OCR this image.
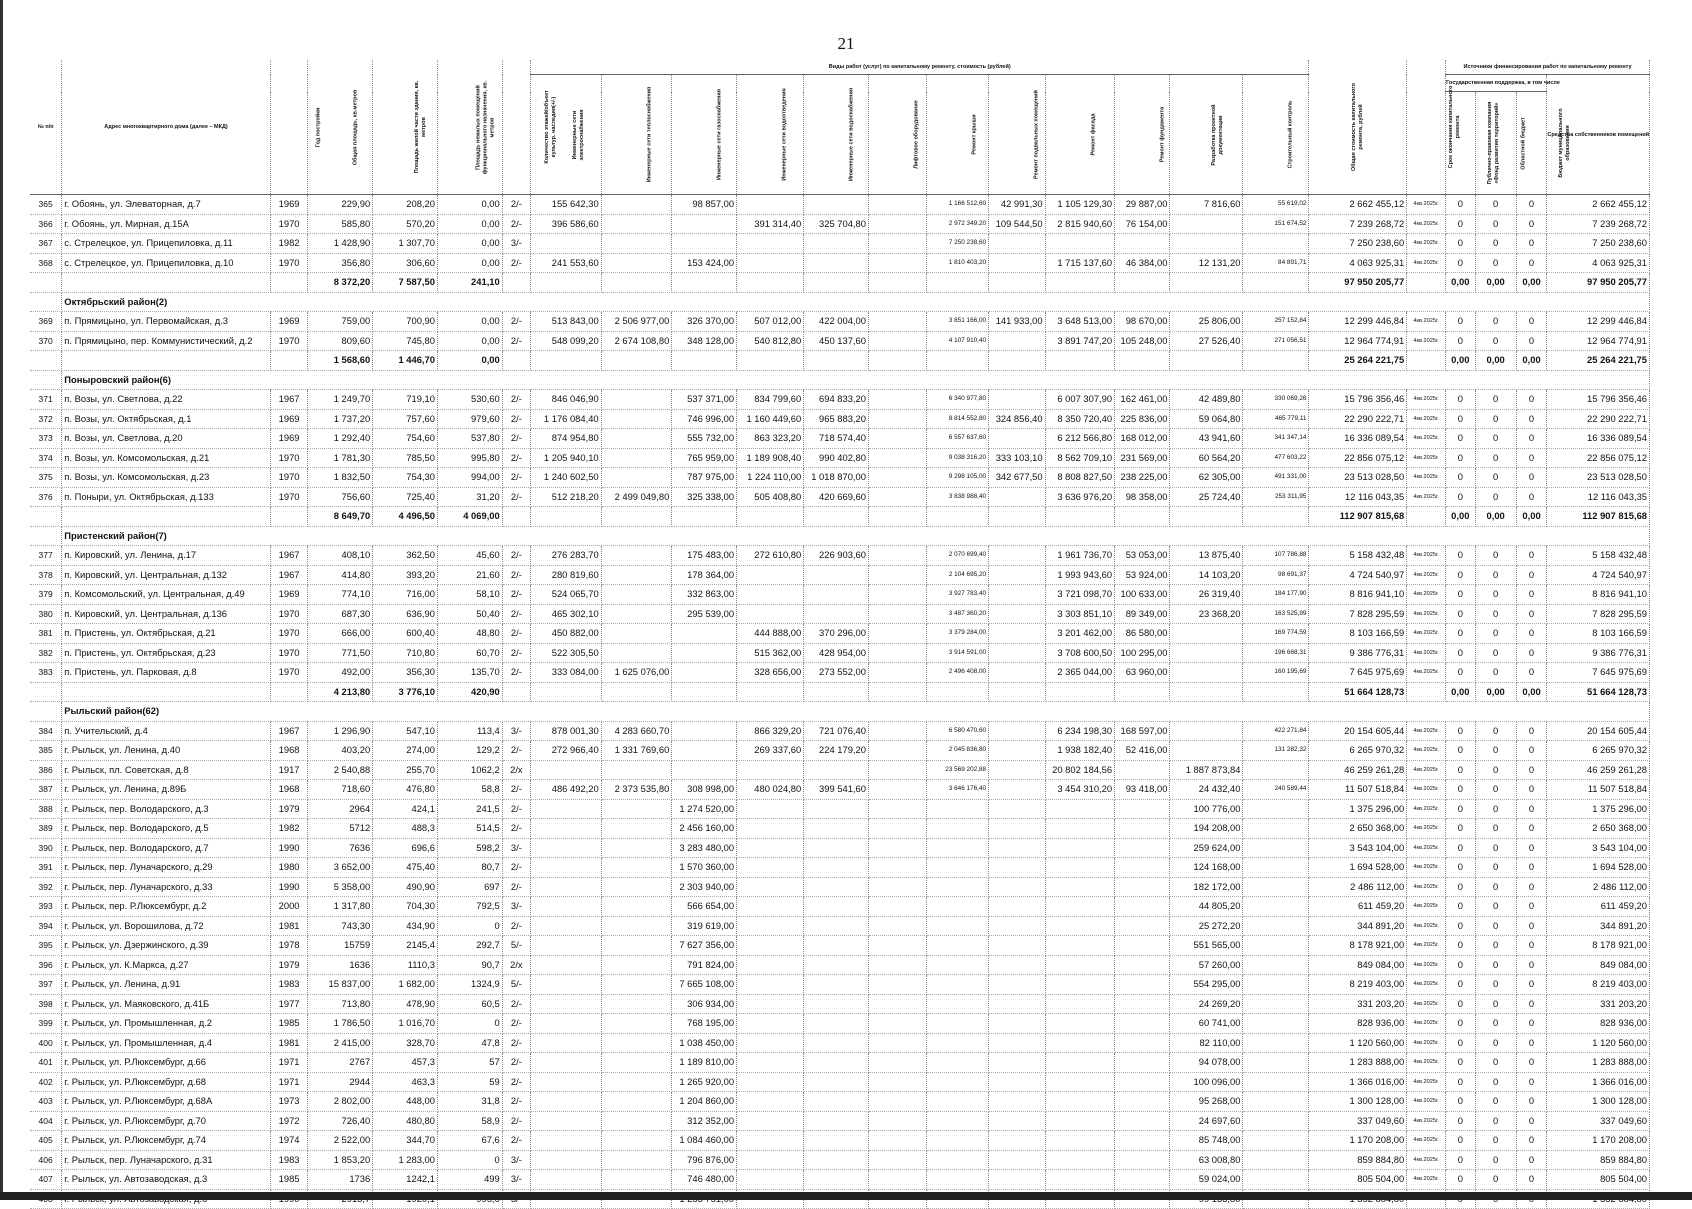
21
№ п/п	Адрес многоквартирного дома (далее – МКД)	Год постройки	Общая площадь, кв.метров	Площадь жилой части здания, кв. метров	Площадь нежилых помещений функционального назначения, кв. метров	Количество этажей/объект культур. наследия(+/-)	Виды работ (услуг) по капитальному ремонту, стоимость (рублей)												Общая стоимость капитального ремонта, рублей	Срок окончания капитального ремонта	Источники финансирования работ по капитальному ремонту			
							Инженерные сети электроснабжения	Инженерные сети теплоснабжения	Инженерные сети газоснабжения	Инженерные сети водоотведения	Инженерные сети водоснабжения	Лифтовое оборудование	Ремонт крыши	Ремонт подвальных помещений	Ремонт фасада	Ремонт фундамента	Разработка проектной документации	Строительный контроль			Государственная поддержка, в том числе			Средства собственников помещений
																					Публично-правовая компания «Фонд развития территорий»	Областной бюджет	Бюджет муниципального образования	
365	г. Обоянь, ул. Элеваторная, д.7	1969	229,90	208,20	0,00	2/-	155 642,30		98 857,00				1 166 512,60	42 991,30	1 105 129,30	29 887,00	7 816,60	55 619,02	2 662 455,12	4кв.2025г.	0	0	0	2 662 455,12
366	г. Обоянь, ул. Мирная, д.15А	1970	585,80	570,20	0,00	2/-	396 586,60			391 314,40	325 704,80		2 972 349,20	109 544,50	2 815 940,60	76 154,00		151 674,52	7 239 268,72	4кв.2025г.	0	0	0	7 239 268,72
367	с. Стрелецкое, ул. Прицепиловка, д.11	1982	1 428,90	1 307,70	0,00	3/-							7 250 238,60						7 250 238,60	4кв.2025г.	0	0	0	7 250 238,60
368	с. Стрелецкое, ул. Прицепиловка, д.10	1970	356,80	306,60	0,00	2/-	241 553,60		153 424,00				1 810 403,20		1 715 137,60	46 384,00	12 131,20	84 891,71	4 063 925,31	4кв.2025г.	0	0	0	4 063 925,31
			8 372,20	7 587,50	241,10														97 950 205,77		0,00	0,00	0,00	97 950 205,77
	Октябрьский район(2)																							
369	п. Прямицыно, ул. Первомайская, д.3	1969	759,00	700,90	0,00	2/-	513 843,00	2 506 977,00	326 370,00	507 012,00	422 004,00		3 851 166,00	141 933,00	3 648 513,00	98 670,00	25 806,00	257 152,84	12 299 446,84	4кв.2025г.	0	0	0	12 299 446,84
370	п. Прямицыно, пер. Коммунистический, д.2	1970	809,60	745,80	0,00	2/-	548 099,20	2 674 108,80	348 128,00	540 812,80	450 137,60		4 107 910,40		3 891 747,20	105 248,00	27 526,40	271 056,51	12 964 774,91	4кв.2025г.	0	0	0	12 964 774,91
			1 568,60	1 446,70	0,00														25 264 221,75		0,00	0,00	0,00	25 264 221,75
	Поныровский район(6)																							
371	п. Возы, ул. Светлова, д.22	1967	1 249,70	719,10	530,60	2/-	846 046,90		537 371,00	834 799,60	694 833,20		6 340 977,80		6 007 307,90	162 461,00	42 489,80	330 069,26	15 796 356,46	4кв.2025г.	0	0	0	15 796 356,46
372	п. Возы, ул. Октябрьская, д.1	1969	1 737,20	757,60	979,60	2/-	1 176 084,40		746 996,00	1 160 449,60	965 883,20		8 814 552,80	324 856,40	8 350 720,40	225 836,00	59 064,80	465 779,11	22 290 222,71	4кв.2025г.	0	0	0	22 290 222,71
373	п. Возы, ул. Светлова, д.20	1969	1 292,40	754,60	537,80	2/-	874 954,80		555 732,00	863 323,20	718 574,40		6 557 637,60		6 212 566,80	168 012,00	43 941,60	341 347,14	16 336 089,54	4кв.2025г.	0	0	0	16 336 089,54
374	п. Возы, ул. Комсомольская, д.21	1970	1 781,30	785,50	995,80	2/-	1 205 940,10		765 959,00	1 189 908,40	990 402,80		9 038 316,20	333 103,10	8 562 709,10	231 569,00	60 564,20	477 603,22	22 856 075,12	4кв.2025г.	0	0	0	22 856 075,12
375	п. Возы, ул. Комсомольская, д.23	1970	1 832,50	754,30	994,00	2/-	1 240 602,50		787 975,00	1 224 110,00	1 018 870,00		9 298 105,00	342 677,50	8 808 827,50	238 225,00	62 305,00	491 331,00	23 513 028,50	4кв.2025г.	0	0	0	23 513 028,50
376	п. Поныри, ул. Октябрьская, д.133	1970	756,60	725,40	31,20	2/-	512 218,20	2 499 049,80	325 338,00	505 408,80	420 669,60		3 838 988,40		3 636 976,20	98 358,00	25 724,40	253 311,95	12 116 043,35	4кв.2025г.	0	0	0	12 116 043,35
			8 649,70	4 496,50	4 069,00														112 907 815,68		0,00	0,00	0,00	112 907 815,68
	Пристенский район(7)																							
377	п. Кировский, ул. Ленина, д.17	1967	408,10	362,50	45,60	2/-	276 283,70		175 483,00	272 610,80	226 903,60		2 070 699,40		1 961 736,70	53 053,00	13 875,40	107 786,88	5 158 432,48	4кв.2025г.	0	0	0	5 158 432,48
378	п. Кировский, ул. Центральная, д.132	1967	414,80	393,20	21,60	2/-	280 819,60		178 364,00				2 104 695,20		1 993 943,60	53 924,00	14 103,20	98 691,37	4 724 540,97	4кв.2025г.	0	0	0	4 724 540,97
379	п. Комсомольский, ул. Центральная, д.49	1969	774,10	716,00	58,10	2/-	524 065,70		332 863,00				3 927 783,40		3 721 098,70	100 633,00	26 319,40	184 177,90	8 816 941,10	4кв.2025г.	0	0	0	8 816 941,10
380	п. Кировский, ул. Центральная, д.136	1970	687,30	636,90	50,40	2/-	465 302,10		295 539,00				3 487 360,20		3 303 851,10	89 349,00	23 368,20	163 525,99	7 828 295,59	4кв.2025г.	0	0	0	7 828 295,59
381	п. Пристень, ул. Октябрьская, д.21	1970	666,00	600,40	48,80	2/-	450 882,00			444 888,00	370 296,00		3 379 284,00		3 201 462,00	86 580,00		169 774,59	8 103 166,59	4кв.2025г.	0	0	0	8 103 166,59
382	п. Пристень, ул. Октябрьская, д.23	1970	771,50	710,80	60,70	2/-	522 305,50			515 362,00	428 954,00		3 914 591,00		3 708 600,50	100 295,00		196 668,31	9 386 776,31	4кв.2025г.	0	0	0	9 386 776,31
383	п. Пристень, ул. Парковая, д.8	1970	492,00	356,30	135,70	2/-	333 084,00	1 625 076,00		328 656,00	273 552,00		2 496 408,00		2 365 044,00	63 960,00		160 195,69	7 645 975,69	4кв.2025г.	0	0	0	7 645 975,69
			4 213,80	3 776,10	420,90														51 664 128,73		0,00	0,00	0,00	51 664 128,73
	Рыльский район(62)																							
384	п. Учительский, д.4	1967	1 296,90	547,10	113,4	3/-	878 001,30	4 283 660,70		866 329,20	721 076,40		6 580 470,60		6 234 198,30	168 597,00		422 271,84	20 154 605,44	4кв.2025г.	0	0	0	20 154 605,44
385	г. Рыльск, ул. Ленина, д.40	1968	403,20	274,00	129,2	2/-	272 966,40	1 331 769,60		269 337,60	224 179,20		2 045 836,80		1 938 182,40	52 416,00		131 282,32	6 265 970,32	4кв.2025г.	0	0	0	6 265 970,32
386	г. Рыльск, пл. Советская, д.8	1917	2 540,88	255,70	1062,2	2/х							23 569 202,88		20 802 184,56		1 887 873,84		46 259 261,28	4кв.2025г.	0	0	0	46 259 261,28
387	г. Рыльск, ул. Ленина, д.89Б	1968	718,60	476,80	58,8	2/-	486 492,20	2 373 535,80	308 998,00	480 024,80	399 541,60		3 646 176,40		3 454 310,20	93 418,00	24 432,40	240 589,44	11 507 518,84	4кв.2025г.	0	0	0	11 507 518,84
388	г. Рыльск, пер. Володарского, д.3	1979	2964	424,1	241,5	2/-			1 274 520,00								100 776,00		1 375 296,00	4кв.2025г.	0	0	0	1 375 296,00
389	г. Рыльск, пер. Володарского, д.5	1982	5712	488,3	514,5	2/-			2 456 160,00								194 208,00		2 650 368,00	4кв.2025г.	0	0	0	2 650 368,00
390	г. Рыльск, пер. Володарского, д.7	1990	7636	696,6	598,2	3/-			3 283 480,00								259 624,00		3 543 104,00	4кв.2025г.	0	0	0	3 543 104,00
391	г. Рыльск, пер. Луначарского, д.29	1980	3 652,00	475,40	80,7	2/-			1 570 360,00								124 168,00		1 694 528,00	4кв.2025г.	0	0	0	1 694 528,00
392	г. Рыльск, пер. Луначарского, д.33	1990	5 358,00	490,90	697	2/-			2 303 940,00								182 172,00		2 486 112,00	4кв.2025г.	0	0	0	2 486 112,00
393	г. Рыльск, пер. Р.Люксембург, д.2	2000	1 317,80	704,30	792,5	3/-			566 654,00								44 805,20		611 459,20	4кв.2025г.	0	0	0	611 459,20
394	г. Рыльск, ул. Ворошилова, д.72	1981	743,30	434,90	0	2/-			319 619,00								25 272,20		344 891,20	4кв.2025г.	0	0	0	344 891,20
395	г. Рыльск, ул. Дзержинского, д.39	1978	15759	2145,4	292,7	5/-			7 627 356,00								551 565,00		8 178 921,00	4кв.2025г.	0	0	0	8 178 921,00
396	г. Рыльск, ул. К.Маркса, д.27	1979	1636	1110,3	90,7	2/х			791 824,00								57 260,00		849 084,00	4кв.2025г.	0	0	0	849 084,00
397	г. Рыльск, ул. Ленина, д.91	1983	15 837,00	1 682,00	1324,9	5/-			7 665 108,00								554 295,00		8 219 403,00	4кв.2025г.	0	0	0	8 219 403,00
398	г. Рыльск, ул. Маяковского, д.41Б	1977	713,80	478,90	60,5	2/-			306 934,00								24 269,20		331 203,20	4кв.2025г.	0	0	0	331 203,20
399	г. Рыльск, ул. Промышленная, д.2	1985	1 786,50	1 016,70	0	2/-			768 195,00								60 741,00		828 936,00	4кв.2025г.	0	0	0	828 936,00
400	г. Рыльск, ул. Промышленная, д.4	1981	2 415,00	328,70	47,8	2/-			1 038 450,00								82 110,00		1 120 560,00	4кв.2025г.	0	0	0	1 120 560,00
401	г. Рыльск, ул. Р.Люксембург, д.66	1971	2767	457,3	57	2/-			1 189 810,00								94 078,00		1 283 888,00	4кв.2025г.	0	0	0	1 283 888,00
402	г. Рыльск, ул. Р.Люксембург, д.68	1971	2944	463,3	59	2/-			1 265 920,00								100 096,00		1 366 016,00	4кв.2025г.	0	0	0	1 366 016,00
403	г. Рыльск, ул. Р.Люксембург, д.68А	1973	2 802,00	448,00	31,8	2/-			1 204 860,00								95 268,00		1 300 128,00	4кв.2025г.	0	0	0	1 300 128,00
404	г. Рыльск, ул. Р.Люксембург, д.70	1972	726,40	480,80	58,9	2/-			312 352,00								24 697,60		337 049,60	4кв.2025г.	0	0	0	337 049,60
405	г. Рыльск, ул. Р.Люксембург, д.74	1974	2 522,00	344,70	67,6	2/-			1 084 460,00								85 748,00		1 170 208,00	4кв.2025г.	0	0	0	1 170 208,00
406	г. Рыльск, пер. Луначарского, д.31	1983	1 853,20	1 283,00	0	3/-			796 876,00								63 008,80		859 884,80	4кв.2025г.	0	0	0	859 884,80
407	г. Рыльск, ул. Автозаводская, д.3	1985	1736	1242,1	499	3/-			746 480,00								59 024,00		805 504,00	4кв.2025г.	0	0	0	805 504,00
